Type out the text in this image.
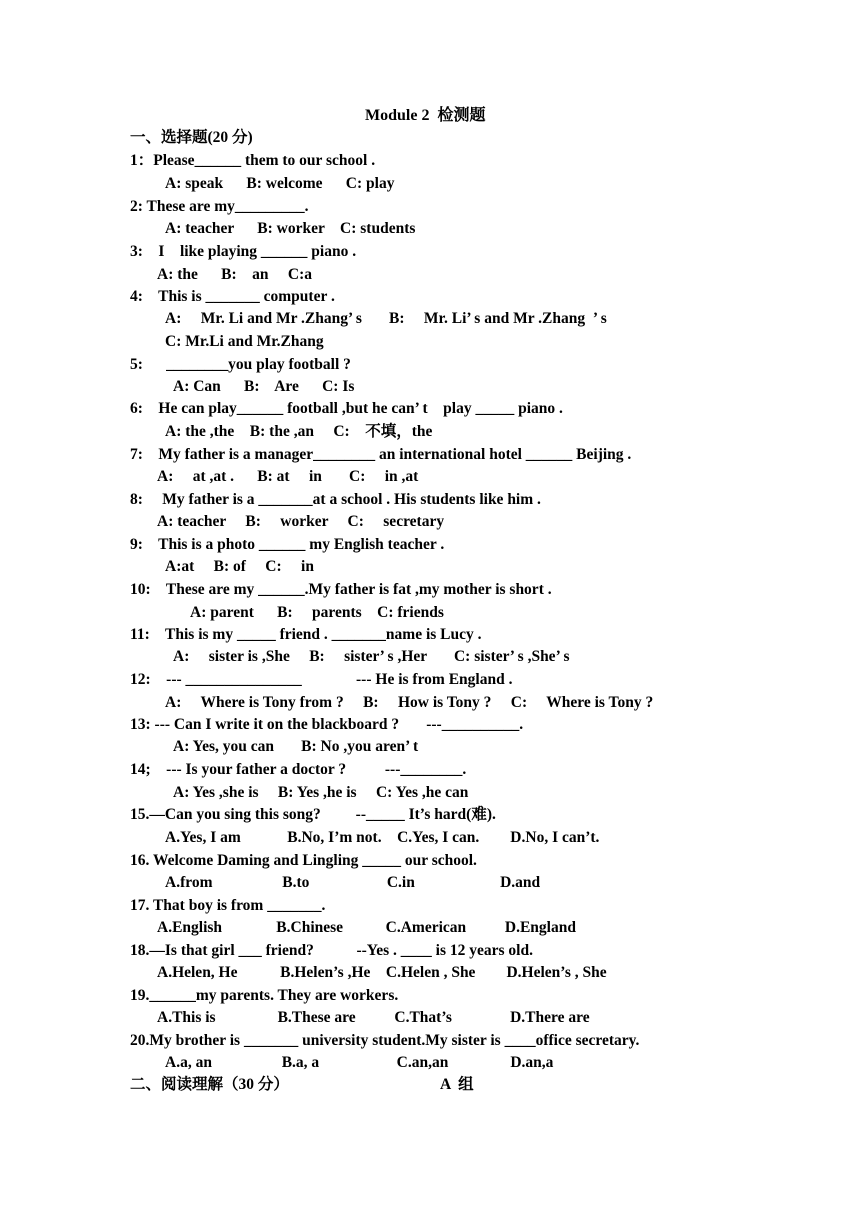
Module 2  检测题
一、选择题(20 分)
1：Please______ them to our school .
A: speak      B: welcome      C: play
2: These are my_________.
A: teacher      B: worker    C: students
3:    I    like playing ______ piano .
A: the      B:    an     C:a
4:    This is _______ computer .
A:     Mr. Li and Mr .Zhang’ s       B:     Mr. Li’ s and Mr .Zhang  ’ s
C: Mr.Li and Mr.Zhang
5:      ________you play football ?
A: Can      B:    Are      C: Is
6:    He can play______ football ,but he can’ t    play _____ piano .
A: the ,the    B: the ,an     C:    不填，the
7:    My father is a manager________ an international hotel ______ Beijing .
A:     at ,at .      B: at     in       C:     in ,at
8:     My father is a _______at a school . His students like him .
A: teacher     B:     worker     C:     secretary
9:    This is a photo ______ my English teacher .
A:at     B: of     C:     in
10:    These are my ______.My father is fat ,my mother is short .
A: parent      B:     parents    C: friends
11:    This is my _____ friend . _______name is Lucy .
A:     sister is ,She     B:     sister’ s ,Her       C: sister’ s ,She’ s
12:    --- _______________              --- He is from England .
A:     Where is Tony from ?     B:     How is Tony ?     C:     Where is Tony ?
13: --- Can I write it on the blackboard ?       ---__________.
A: Yes, you can       B: No ,you aren’ t
14;    --- Is your father a doctor ?          ---________.
A: Yes ,she is     B: Yes ,he is     C: Yes ,he can
15.—Can you sing this song?         --_____ It’s hard(难).
A.Yes, I am            B.No, I’m not.    C.Yes, I can.        D.No, I can’t.
16. Welcome Daming and Lingling _____ our school.
A.from                  B.to                    C.in                      D.and
17. That boy is from _______.
A.English              B.Chinese           C.American          D.England
18.—Is that girl ___ friend?           --Yes . ____ is 12 years old.
A.Helen, He           B.Helen’s ,He    C.Helen , She        D.Helen’s , She
19.______my parents. They are workers.
A.This is                B.These are          C.That’s               D.There are
20.My brother is _______ university student.My sister is ____office secretary.
A.a, an                  B.a, a                    C.an,an                D.an,a
二、阅读理解（30 分）	A  组
